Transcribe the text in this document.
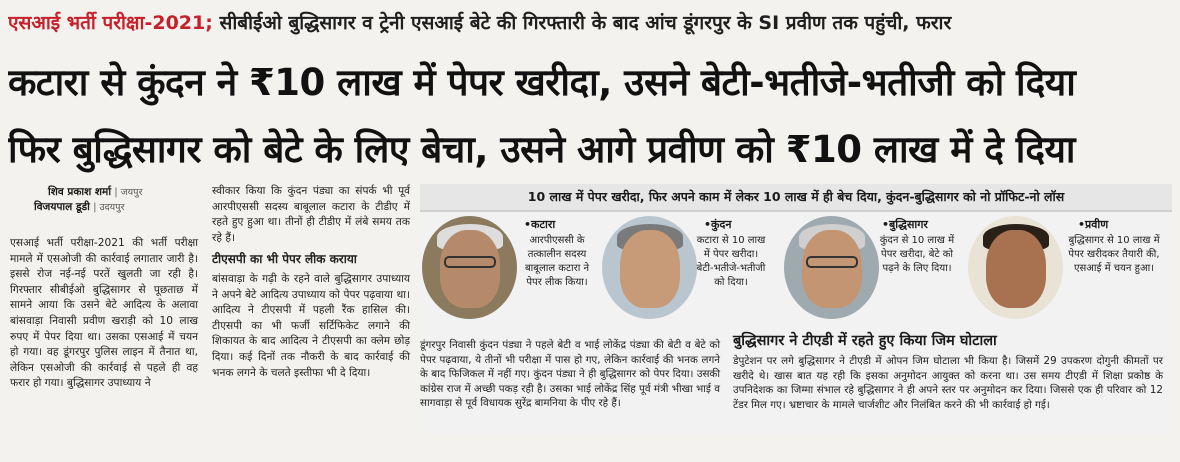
एसआई भर्ती परीक्षा-2021; सीबीईओ बुद्धिसागर व ट्रेनी एसआई बेटे की गिरफ्तारी के बाद आंच डूंगरपुर के SI प्रवीण तक पहुंची, फरार
कटारा से कुंदन ने ₹10 लाख में पेपर खरीदा, उसने बेटी-भतीजे-भतीजी को दिया
फिर बुद्धिसागर को बेटे के लिए बेचा, उसने आगे प्रवीण को ₹10 लाख में दे दिया
शिव प्रकाश शर्मा | जयपुर
विजयपाल डूडी | उदयपुर
एसआई भर्ती परीक्षा-2021 की भर्ती परीक्षा मामले में एसओजी की कार्रवाई लगातार जारी है। इससे रोज नई-नई परतें खुलती जा रही है। गिरफ्तार सीबीईओ बुद्धिसागर से पूछताछ में सामने आया कि उसने बेटे आदित्य के अलावा बांसवाड़ा निवासी प्रवीण खराड़ी को 10 लाख रुपए में पेपर दिया था। उसका एसआई में चयन हो गया। वह डूंगरपुर पुलिस लाइन में तैनात था, लेकिन एसओजी की कार्रवाई से पहले ही वह फरार हो गया। बुद्धिसागर उपाध्याय ने
स्वीकार किया कि कुंदन पंड्या का संपर्क भी पूर्व आरपीएससी सदस्य बाबूलाल कटारा के टीडीए में रहते हुए हुआ था। तीनों ही टीडीए में लंबे समय तक रहे हैं।
टीएसपी का भी पेपर लीक कराया
बांसवाड़ा के गढ़ी के रहने वाले बुद्धिसागर उपाध्याय ने अपने बेटे आदित्य उपाध्याय को पेपर पढ़वाया था। आदित्य ने टीएसपी में पहली रैंक हासिल की। टीएसपी का भी फर्जी सर्टिफिकेट लगाने की शिकायत के बाद आदित्य ने टीएसपी का क्लेम छोड़ दिया। कई दिनों तक नौकरी के बाद कार्रवाई की भनक लगने के चलते इस्तीफा भी दे दिया।
10 लाख में पेपर खरीदा, फिर अपने काम में लेकर 10 लाख में ही बेच दिया, कुंदन-बुद्धिसागर को नो प्रॉफिट-नो लॉस
•कटारा
आरपीएससी के तत्कालीन सदस्य बाबूलाल कटारा ने पेपर लीक किया।
•कुंदन
कटारा से 10 लाख में पेपर खरीदा। बेटी-भतीजे-भतीजी को दिया।
•बुद्धिसागर
कुंदन से 10 लाख में पेपर खरीदा, बेटे को पढ़ने के लिए दिया।
•प्रवीण
बुद्धिसागर से 10 लाख में पेपर खरीदकर तैयारी की, एसआई में चयन हुआ।
डूंगरपुर निवासी कुंदन पंड्या ने पहले बेटी व भाई लोकेंद्र पंड्या की बेटी व बेटे को पेपर पढ़वाया, ये तीनों भी परीक्षा में पास हो गए, लेकिन कार्रवाई की भनक लगने के बाद फिजिकल में नहीं गए। कुंदन पंड्या ने ही बुद्धिसागर को पेपर दिया। उसकी कांग्रेस राज में अच्छी पकड़ रही है। उसका भाई लोकेंद्र सिंह पूर्व मंत्री भीखा भाई व सागवाड़ा से पूर्व विधायक सुरेंद्र बामनिया के पीए रहे हैं।
बुद्धिसागर ने टीएडी में रहते हुए किया जिम घोटाला
डेपुटेशन पर लगे बुद्धिसागर ने टीएडी में ओपन जिम घोटाला भी किया है। जिसमें 29 उपकरण दोगुनी कीमतों पर खरीदे थे। खास बात यह रही कि इसका अनुमोदन आयुक्त को करना था। उस समय टीएडी में शिक्षा प्रकोष्ठ के उपनिदेशक का जिम्मा संभाल रहे बुद्धिसागर ने ही अपने स्तर पर अनुमोदन कर दिया। जिससे एक ही परिवार को 12 टेंडर मिल गए। भ्रष्टाचार के मामले चार्जशीट और निलंबित करने की भी कार्रवाई हो गई।
